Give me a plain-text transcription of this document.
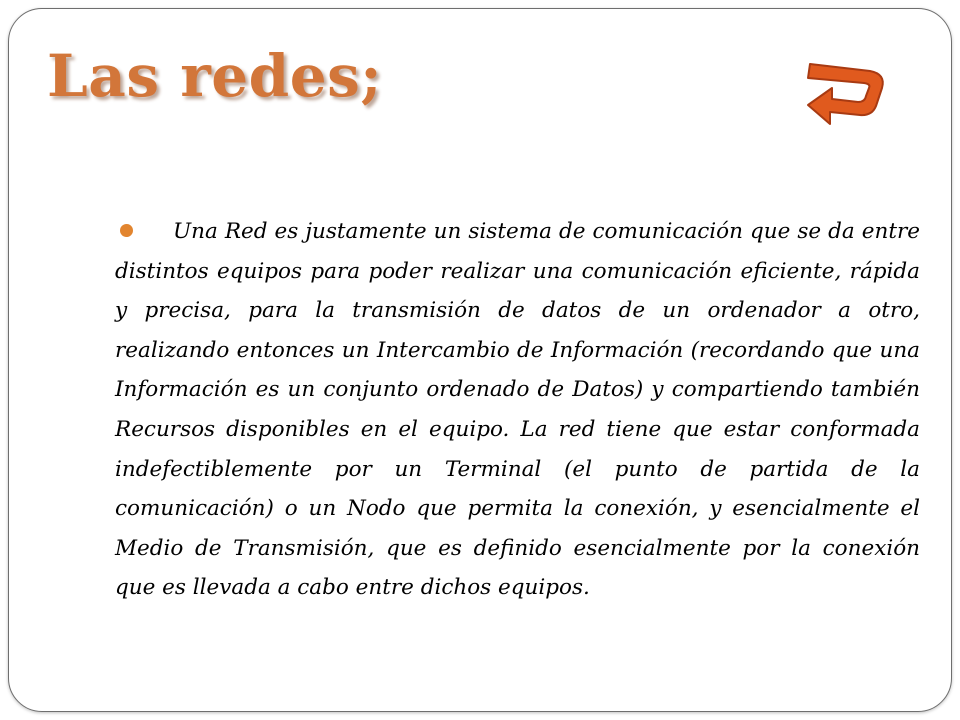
Las redes;

Una Red es justamente un sistema de comunicación que se da entre distintos equipos para poder realizar una comunicación eficiente, rápida y precisa, para la transmisión de datos de un ordenador a otro, realizando entonces un Intercambio de Información (recordando que una Información es un conjunto ordenado de Datos) y compartiendo también Recursos disponibles en el equipo. La red tiene que estar conformada indefectiblemente por un Terminal (el punto de partida de la comunicación) o un Nodo que permita la conexión, y esencialmente el Medio de Transmisión, que es definido esencialmente por la conexión que es llevada a cabo entre dichos equipos.
